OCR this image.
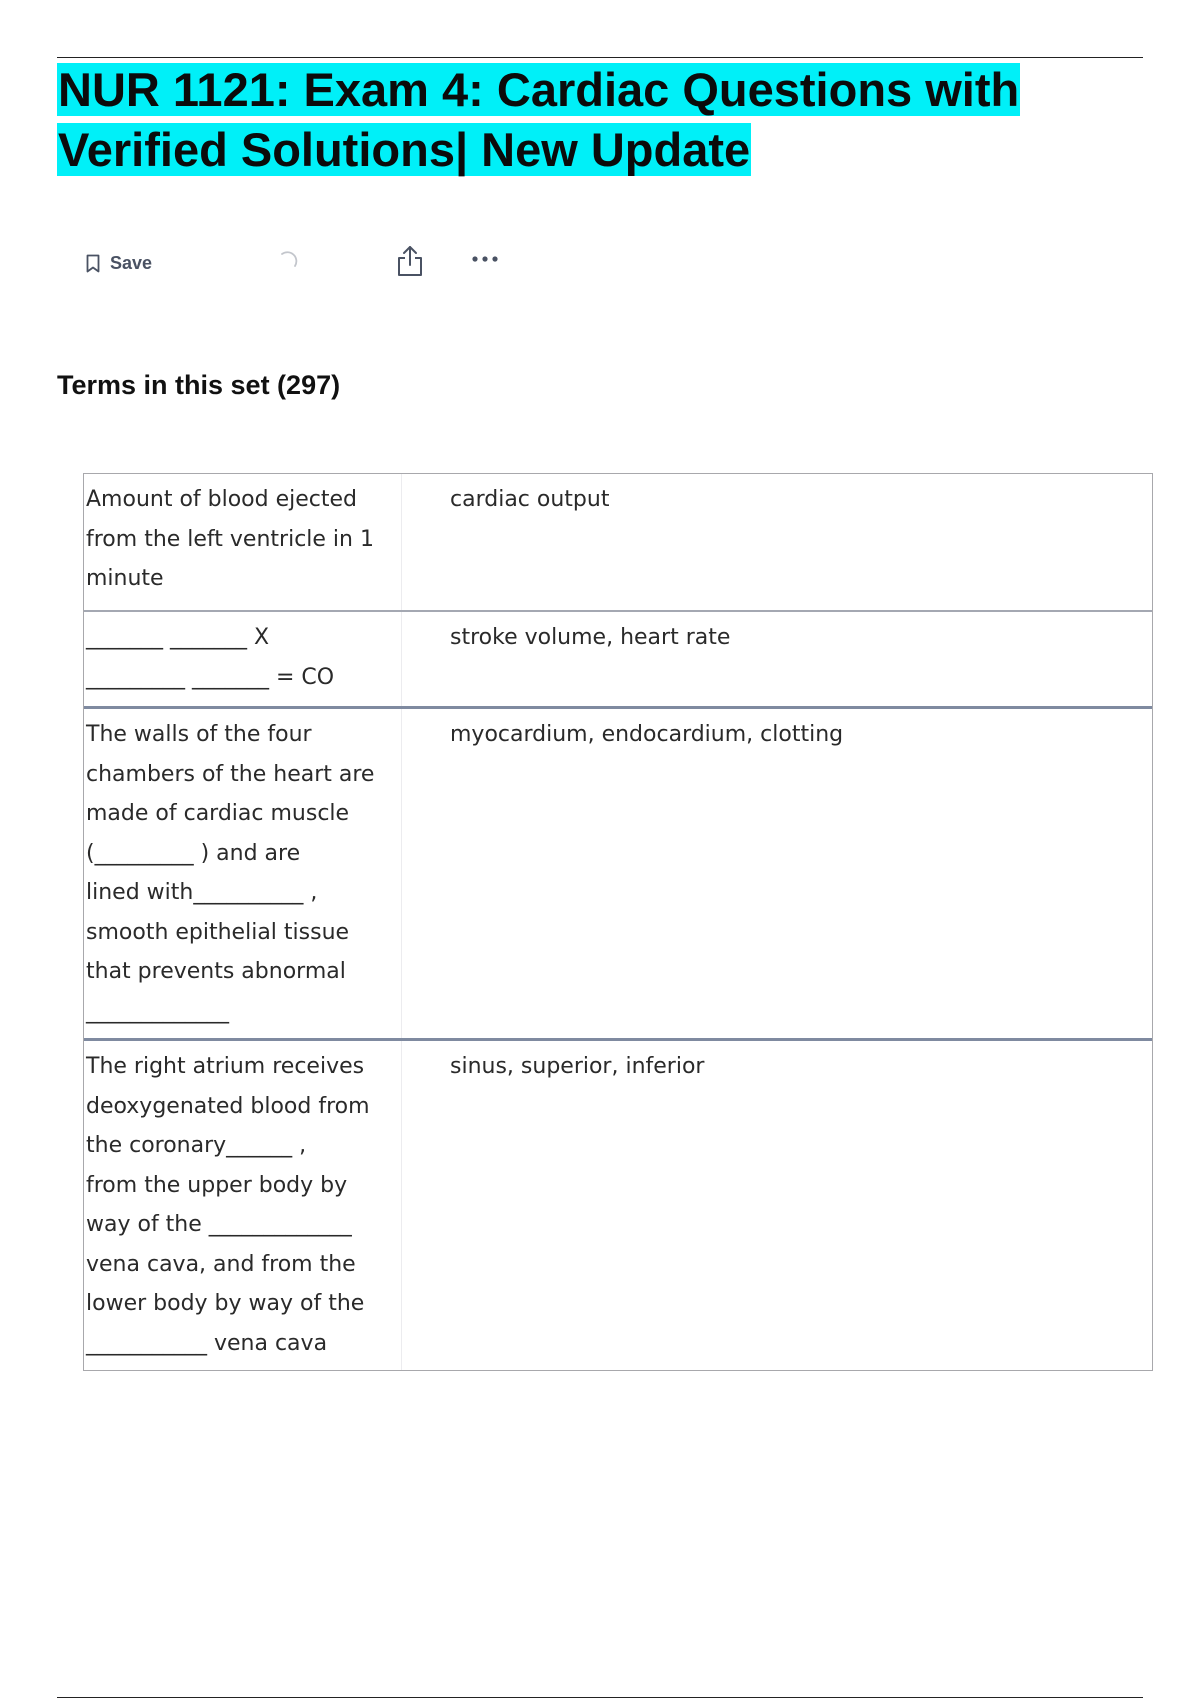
NUR 1121: Exam 4: Cardiac Questions with Verified Solutions| New Update
Save
Terms in this set (297)
Amount of blood ejected
from the left ventricle in 1
minute
cardiac output
_______ _______ X
_________ _______ = CO
stroke volume, heart rate
The walls of the four
chambers of the heart are
made of cardiac muscle
(_________ ) and are
lined with__________ ,
smooth epithelial tissue
that prevents abnormal
_____________
myocardium, endocardium, clotting
The right atrium receives
deoxygenated blood from
the coronary______ ,
from the upper body by
way of the _____________
vena cava, and from the
lower body by way of the
___________ vena cava
sinus, superior, inferior
